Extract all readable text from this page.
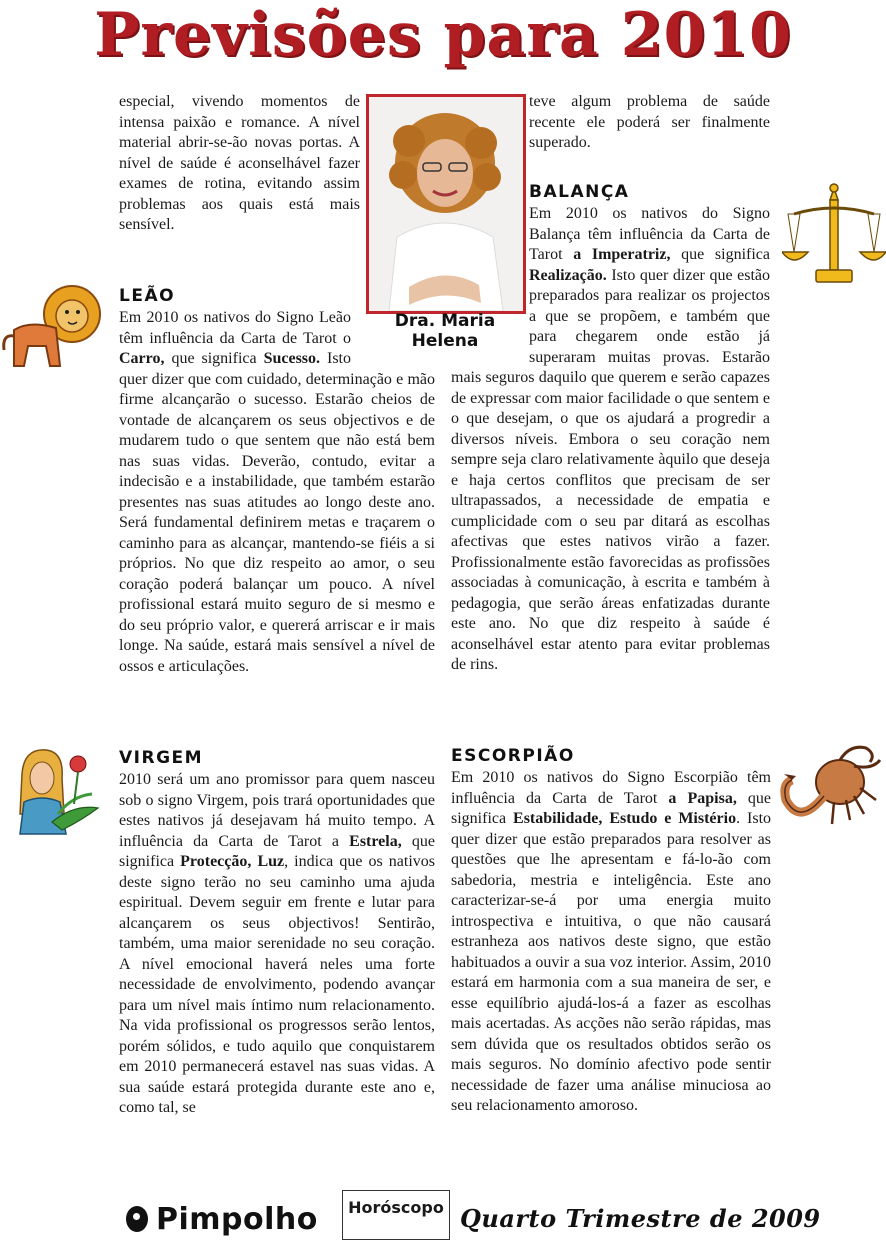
Previsões para 2010

especial, vivendo momentos de intensa paixão e romance. A nível material abrir-se-ão novas portas. A nível de saúde é aconselhável fazer exames de rotina, evitando assim problemas aos quais está mais sensível.

Dra. Maria Helena
LEÃO

Em 2010 os nativos do Signo Leão têm influência da Carta de Tarot o Carro, que significa Sucesso. Isto quer dizer que com cuidado, determinação e mão firme alcançarão o sucesso. Estarão cheios de vontade de alcançarem os seus objectivos e de mudarem tudo o que sentem que não está bem nas suas vidas. Deverão, contudo, evitar a indecisão e a instabilidade, que também estarão presentes nas suas atitudes ao longo deste ano. Será fundamental definirem metas e traçarem o caminho para as alcançar, mantendo-se fiéis a si próprios. No que diz respeito ao amor, o seu coração poderá balançar um pouco. A nível profissional estará muito seguro de si mesmo e do seu próprio valor, e quererá arriscar e ir mais longe. Na saúde, estará mais sensível a nível de ossos e articulações.

VIRGEM

2010 será um ano promissor para quem nasceu sob o signo Virgem, pois trará oportunidades que estes nativos já desejavam há muito tempo. A influência da Carta de Tarot a Estrela, que significa Protecção, Luz, indica que os nativos deste signo terão no seu caminho uma ajuda espiritual. Devem seguir em frente e lutar para alcançarem os seus objectivos! Sentirão, também, uma maior serenidade no seu coração. A nível emocional haverá neles uma forte necessidade de envolvimento, podendo avançar para um nível mais íntimo num relacionamento. Na vida profissional os progressos serão lentos, porém sólidos, e tudo aquilo que conquistarem em 2010 permanecerá estavel nas suas vidas. A sua saúde estará protegida durante este ano e, como tal, se

teve algum problema de saúde recente ele poderá ser finalmente superado.

BALANÇA

Em 2010 os nativos do Signo Balança têm influência da Carta de Tarot a Imperatriz, que significa Realização. Isto quer dizer que estão preparados para realizar os projectos a que se propõem, e também que para chegarem onde estão já superaram muitas provas. Estarão mais seguros daquilo que querem e serão capazes de expressar com maior facilidade o que sentem e o que desejam, o que os ajudará a progredir a diversos níveis. Embora o seu coração nem sempre seja claro relativamente àquilo que deseja e haja certos conflitos que precisam de ser ultrapassados, a necessidade de empatia e cumplicidade com o seu par ditará as escolhas afectivas que estes nativos virão a fazer. Profissionalmente estão favorecidas as profissões associadas à comunicação, à escrita e também à pedagogia, que serão áreas enfatizadas durante este ano. No que diz respeito à saúde é aconselhável estar atento para evitar problemas de rins.

ESCORPIÃO

Em 2010 os nativos do Signo Escorpião têm influência da Carta de Tarot a Papisa, que significa Estabilidade, Estudo e Mistério. Isto quer dizer que estão preparados para resolver as questões que lhe apresentam e fá-lo-ão com sabedoria, mestria e inteligência. Este ano caracterizar-se-á por uma energia muito introspectiva e intuitiva, o que não causará estranheza aos nativos deste signo, que estão habituados a ouvir a sua voz interior. Assim, 2010 estará em harmonia com a sua maneira de ser, e esse equilíbrio ajudá-los-á a fazer as escolhas mais acertadas. As acções não serão rápidas, mas sem dúvida que os resultados obtidos serão os mais seguros. No domínio afectivo pode sentir necessidade de fazer uma análise minuciosa ao seu relacionamento amoroso.

Pimpolho	Horóscopo Quarto Trimestre de 2009
